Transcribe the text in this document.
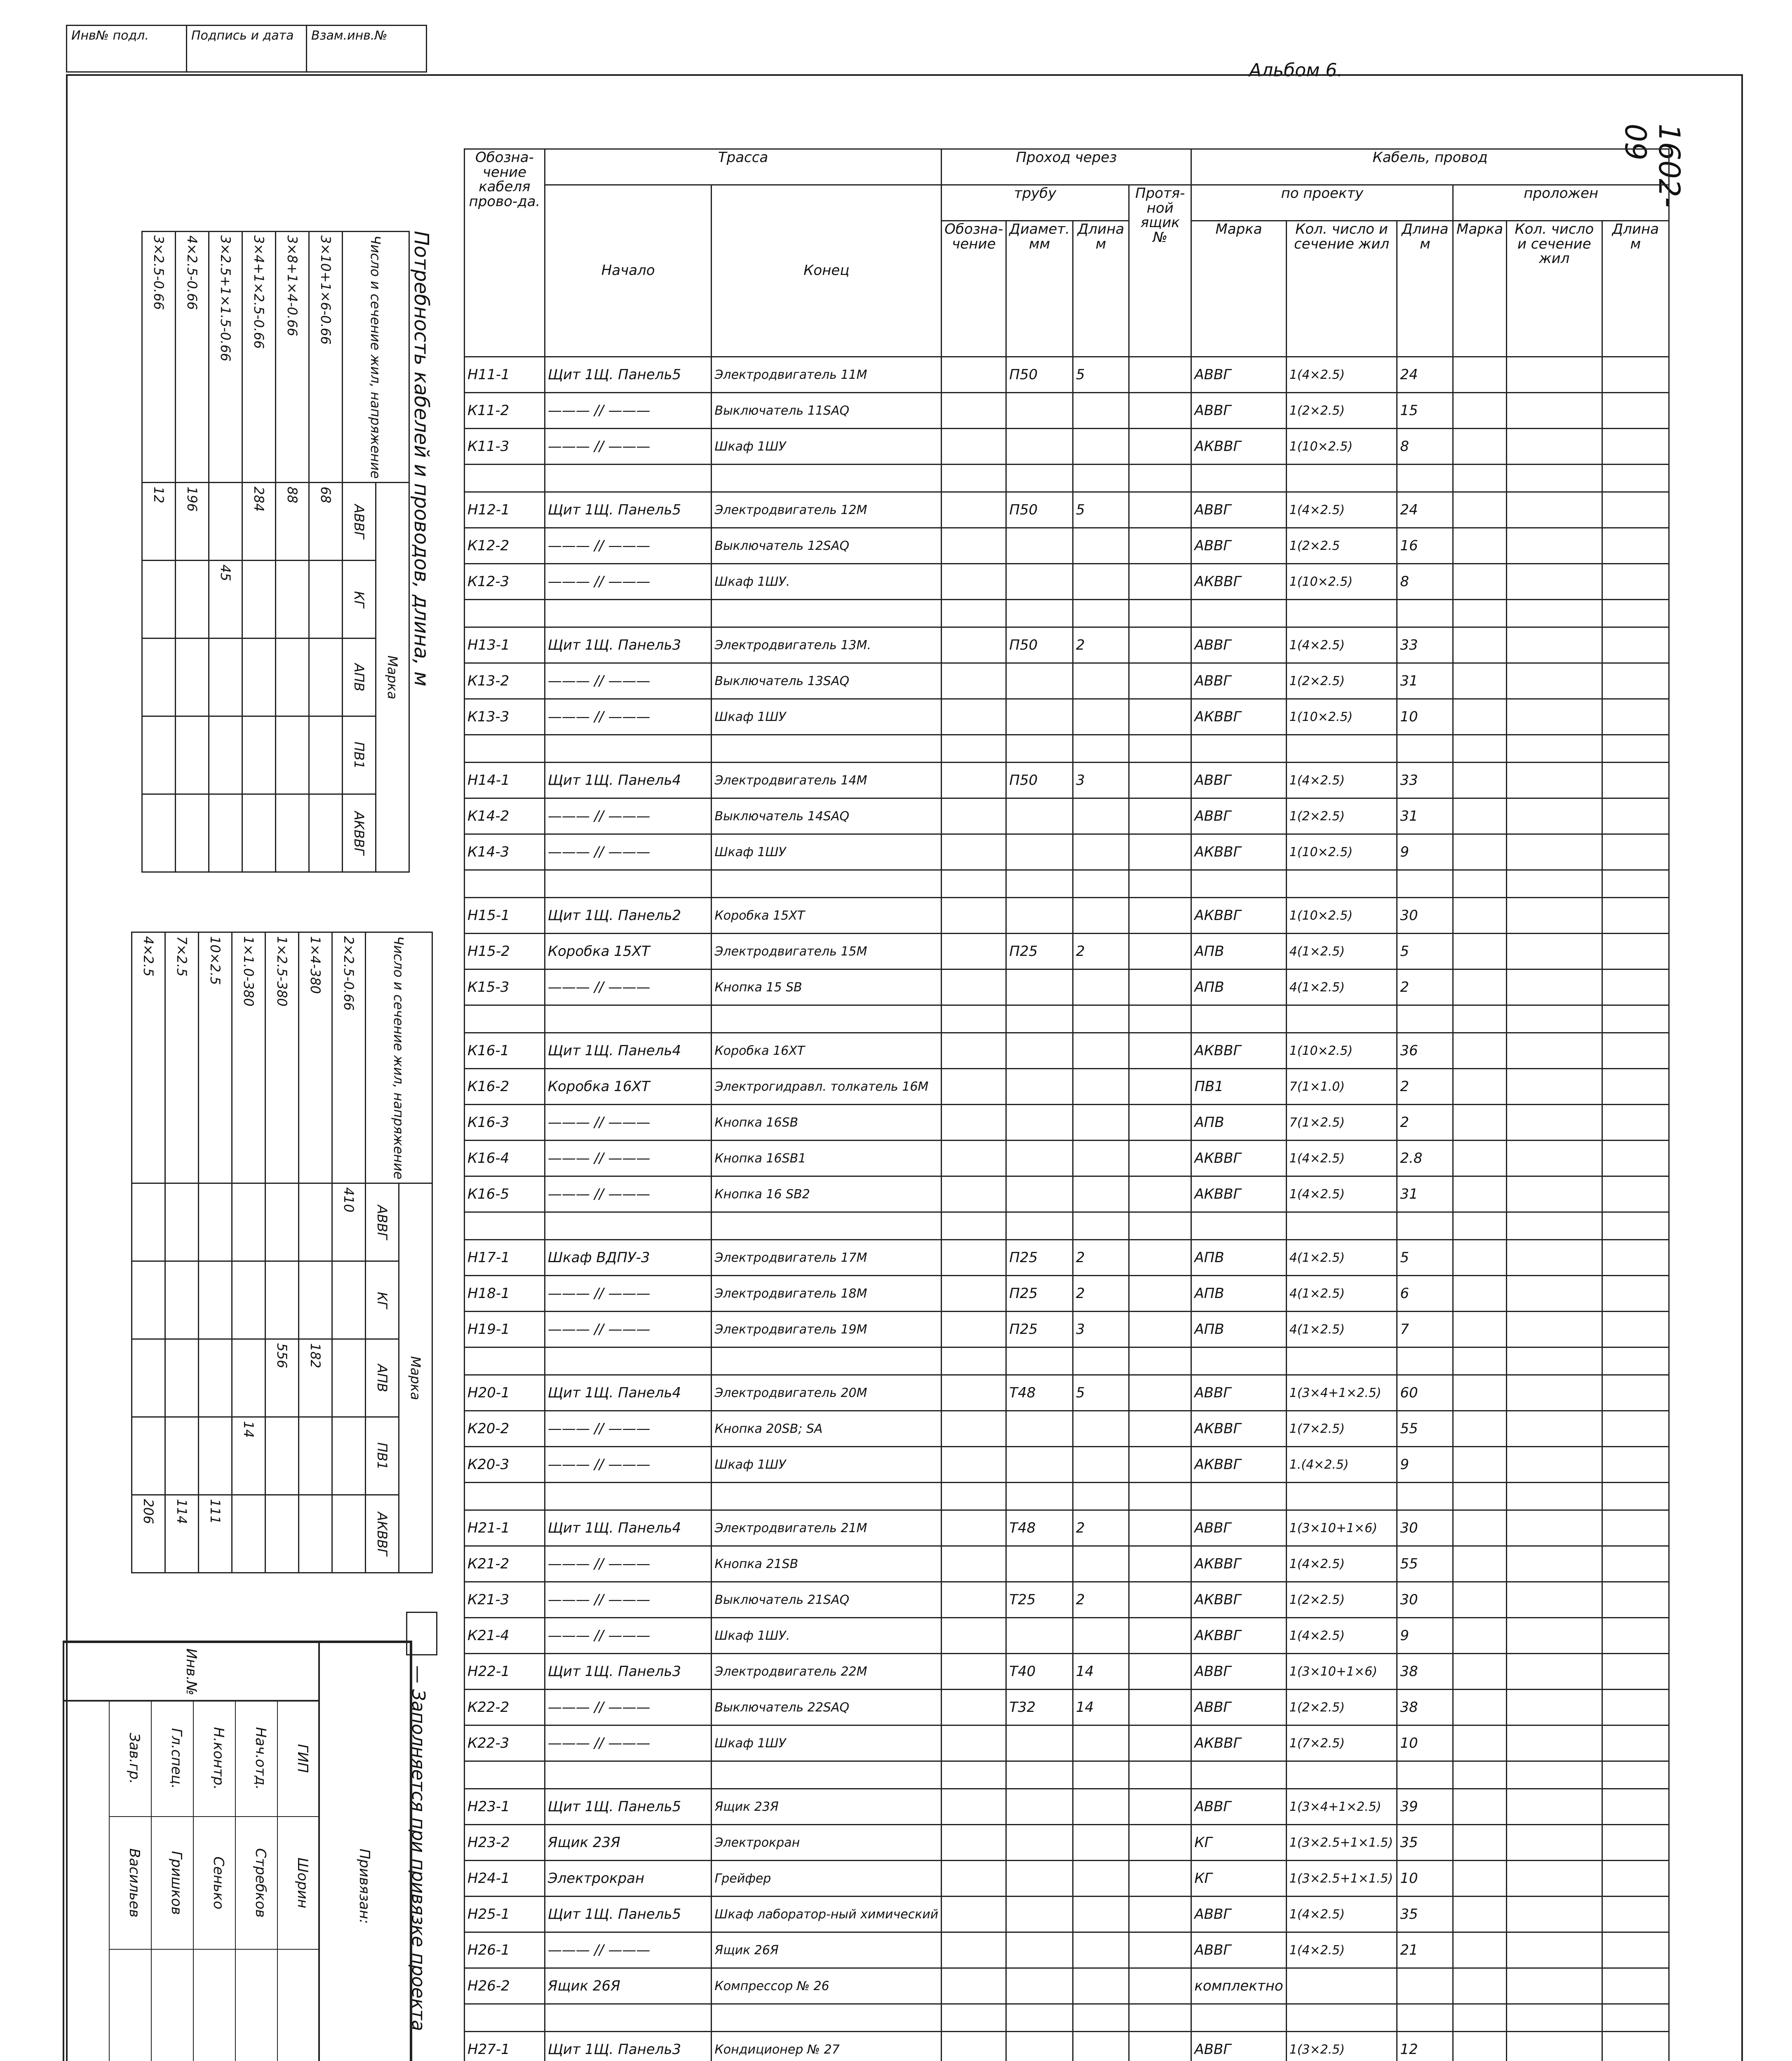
Инв№ подл.	Подпись и дата	Взам.инв.№
Альбом 6.
1602-09
Обозна-чение кабеля прово-да.	Трасса		Проход через				Кабель, провод					
	Начало	Конец	трубу			Протя-ной ящик №	по проекту			проложен		
			Обозна-чение	Диамет. мм	Длина м		Марка	Кол. число и сечение жил	Длина м	Марка	Кол. число и сечение жил	Длина м
Н11-1	Щит 1Щ. Панель5	Электродвигатель 11М		П50	5		АВВГ	1(4×2.5)	24			
К11-2	——— // ———	Выключатель 11SAQ					АВВГ	1(2×2.5)	15			
К11-3	——— // ———	Шкаф 1ШУ					АКВВГ	1(10×2.5)	8			

Н12-1	Щит 1Щ. Панель5	Электродвигатель 12М		П50	5		АВВГ	1(4×2.5)	24			
К12-2	——— // ———	Выключатель 12SAQ					АВВГ	1(2×2.5	16			
К12-3	——— // ———	Шкаф 1ШУ.					АКВВГ	1(10×2.5)	8			

Н13-1	Щит 1Щ. Панель3	Электродвигатель 13М.		П50	2		АВВГ	1(4×2.5)	33			
К13-2	——— // ———	Выключатель 13SAQ					АВВГ	1(2×2.5)	31			
К13-3	——— // ———	Шкаф 1ШУ					АКВВГ	1(10×2.5)	10			

Н14-1	Щит 1Щ. Панель4	Электродвигатель 14М		П50	3		АВВГ	1(4×2.5)	33			
К14-2	——— // ———	Выключатель 14SAQ					АВВГ	1(2×2.5)	31			
К14-3	——— // ———	Шкаф 1ШУ					АКВВГ	1(10×2.5)	9			

Н15-1	Щит 1Щ. Панель2	Коробка 15ХТ					АКВВГ	1(10×2.5)	30			
Н15-2	Коробка 15ХТ	Электродвигатель 15М		П25	2		АПВ	4(1×2.5)	5			
К15-3	——— // ———	Кнопка 15 SB					АПВ	4(1×2.5)	2			

К16-1	Щит 1Щ. Панель4	Коробка 16ХТ					АКВВГ	1(10×2.5)	36			
К16-2	Коробка 16ХТ	Электрогидравл. толкатель 16М					ПВ1	7(1×1.0)	2			
К16-3	——— // ———	Кнопка 16SB					АПВ	7(1×2.5)	2			
К16-4	——— // ———	Кнопка 16SB1					АКВВГ	1(4×2.5)	2.8			
К16-5	——— // ———	Кнопка 16 SB2					АКВВГ	1(4×2.5)	31			

Н17-1	Шкаф ВДПУ-3	Электродвигатель 17М		П25	2		АПВ	4(1×2.5)	5			
Н18-1	——— // ———	Электродвигатель 18М		П25	2		АПВ	4(1×2.5)	6			
Н19-1	——— // ———	Электродвигатель 19М		П25	3		АПВ	4(1×2.5)	7			

Н20-1	Щит 1Щ. Панель4	Электродвигатель 20М		Т48	5		АВВГ	1(3×4+1×2.5)	60			
К20-2	——— // ———	Кнопка 20SB; SA					АКВВГ	1(7×2.5)	55			
К20-3	——— // ———	Шкаф 1ШУ					АКВВГ	1.(4×2.5)	9			

Н21-1	Щит 1Щ. Панель4	Электродвигатель 21М		Т48	2		АВВГ	1(3×10+1×6)	30			
К21-2	——— // ———	Кнопка 21SB					АКВВГ	1(4×2.5)	55			
К21-3	——— // ———	Выключатель 21SAQ		Т25	2		АКВВГ	1(2×2.5)	30			
К21-4	——— // ———	Шкаф 1ШУ.					АКВВГ	1(4×2.5)	9			
Н22-1	Щит 1Щ. Панель3	Электродвигатель 22М		Т40	14		АВВГ	1(3×10+1×6)	38			
К22-2	——— // ———	Выключатель 22SAQ		Т32	14		АВВГ	1(2×2.5)	38			
К22-3	——— // ———	Шкаф 1ШУ					АКВВГ	1(7×2.5)	10			

Н23-1	Щит 1Щ. Панель5	Ящик 23Я					АВВГ	1(3×4+1×2.5)	39			
Н23-2	Ящик 23Я	Электрокран					КГ	1(3×2.5+1×1.5)	35			
Н24-1	Электрокран	Грейфер					КГ	1(3×2.5+1×1.5)	10			
Н25-1	Щит 1Щ. Панель5	Шкаф лаборатор-ный химический					АВВГ	1(4×2.5)	35			
Н26-1	——— // ———	Ящик 26Я					АВВГ	1(4×2.5)	21			
Н26-2	Ящик 26Я	Компрессор № 26					комплектно					

Н27-1	Щит 1Щ. Панель3	Кондиционер № 27					АВВГ	1(3×2.5)	12			

Потребность кабелей и проводов, длина, м
Число и сечение жил, напряжение	Марка				
	АВВГ	КГ	АПВ	ПВ1	АКВВГ
3×10+1×6-0.66	68				
3×8+1×4-0.66	88				
3×4+1×2.5-0.66	284				
3×2.5+1×1.5-0.66		45			
4×2.5-0.66	196				
3×2.5-0.66	12				
Число и сечение жил, напряжение	Марка				
	АВВГ	КГ	АПВ	ПВ1	АКВВГ
2×2.5-0.66	410				
1×4-380			182		
1×2.5-380			556		
1×1.0-380				14	
10×2.5					111
7×2.5					114
4×2.5					206
— Заполняется при привязке проекта
Привязан:
Инв.№
ГИП
Шорин
Нач.отд.
Стребков
Н.контр.
Сенько
Гл.спец.
Гришков
Зав.гр.
Васильев
